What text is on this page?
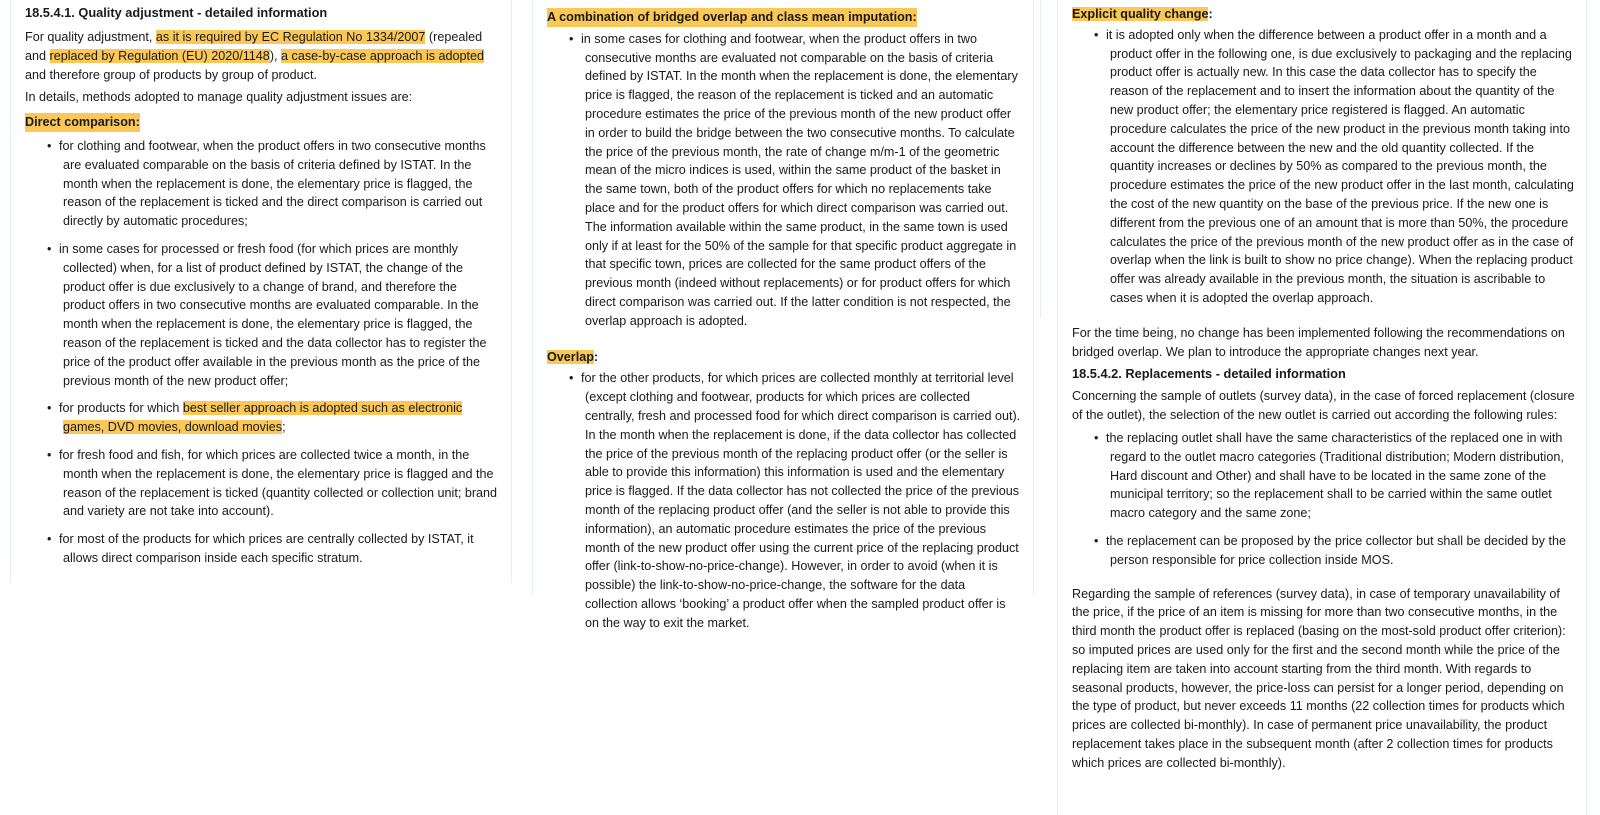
18.5.4.1. Quality adjustment - detailed information

For quality adjustment, as it is required by EC Regulation No 1334/2007 (repealed and replaced by Regulation (EU) 2020/1148), a case-by-case approach is adopted and therefore group of products by group of product.

In details, methods adopted to manage quality adjustment issues are:

Direct comparison:
• for clothing and footwear, when the product offers in two consecutive months are evaluated comparable on the basis of criteria defined by ISTAT. In the month when the replacement is done, the elementary price is flagged, the reason of the replacement is ticked and the direct comparison is carried out directly by automatic procedures;
• in some cases for processed or fresh food (for which prices are monthly collected) when, for a list of product defined by ISTAT, the change of the product offer is due exclusively to a change of brand, and therefore the product offers in two consecutive months are evaluated comparable. In the month when the replacement is done, the elementary price is flagged, the reason of the replacement is ticked and the data collector has to register the price of the product offer available in the previous month as the price of the previous month of the new product offer;
• for products for which best seller approach is adopted such as electronic games, DVD movies, download movies;
• for fresh food and fish, for which prices are collected twice a month, in the month when the replacement is done, the elementary price is flagged and the reason of the replacement is ticked (quantity collected or collection unit; brand and variety are not take into account).
• for most of the products for which prices are centrally collected by ISTAT, it allows direct comparison inside each specific stratum.
A combination of bridged overlap and class mean imputation:
• in some cases for clothing and footwear, when the product offers in two consecutive months are evaluated not comparable on the basis of criteria defined by ISTAT. In the month when the replacement is done, the elementary price is flagged, the reason of the replacement is ticked and an automatic procedure estimates the price of the previous month of the new product offer in order to build the bridge between the two consecutive months. To calculate the price of the previous month, the rate of change m/m-1 of the geometric mean of the micro indices is used, within the same product of the basket in the same town, both of the product offers for which no replacements take place and for the product offers for which direct comparison was carried out. The information available within the same product, in the same town is used only if at least for the 50% of the sample for that specific product aggregate in that specific town, prices are collected for the same product offers of the previous month (indeed without replacements) or for product offers for which direct comparison was carried out. If the latter condition is not respected, the overlap approach is adopted.
Overlap:
• for the other products, for which prices are collected monthly at territorial level (except clothing and footwear, products for which prices are collected centrally, fresh and processed food for which direct comparison is carried out). In the month when the replacement is done, if the data collector has collected the price of the previous month of the replacing product offer (or the seller is able to provide this information) this information is used and the elementary price is flagged. If the data collector has not collected the price of the previous month of the replacing product offer (and the seller is not able to provide this information), an automatic procedure estimates the price of the previous month of the new product offer using the current price of the replacing product offer (link-to-show-no-price-change). However, in order to avoid (when it is possible) the link-to-show-no-price-change, the software for the data collection allows ‘booking’ a product offer when the sampled product offer is on the way to exit the market.
Explicit quality change:
• it is adopted only when the difference between a product offer in a month and a product offer in the following one, is due exclusively to packaging and the replacing product offer is actually new. In this case the data collector has to specify the reason of the replacement and to insert the information about the quantity of the new product offer; the elementary price registered is flagged. An automatic procedure calculates the price of the new product in the previous month taking into account the difference between the new and the old quantity collected. If the quantity increases or declines by 50% as compared to the previous month, the procedure estimates the price of the new product offer in the last month, calculating the cost of the new quantity on the base of the previous price. If the new one is different from the previous one of an amount that is more than 50%, the procedure calculates the price of the previous month of the new product offer as in the case of overlap when the link is built to show no price change). When the replacing product offer was already available in the previous month, the situation is ascribable to cases when it is adopted the overlap approach.

For the time being, no change has been implemented following the recommendations on bridged overlap. We plan to introduce the appropriate changes next year.

18.5.4.2. Replacements - detailed information

Concerning the sample of outlets (survey data), in the case of forced replacement (closure of the outlet), the selection of the new outlet is carried out according the following rules:

• the replacing outlet shall have the same characteristics of the replaced one in with regard to the outlet macro categories (Traditional distribution; Modern distribution, Hard discount and Other) and shall have to be located in the same zone of the municipal territory; so the replacement shall to be carried within the same outlet macro category and the same zone;
• the replacement can be proposed by the price collector but shall be decided by the person responsible for price collection inside MOS.

Regarding the sample of references (survey data), in case of temporary unavailability of the price, if the price of an item is missing for more than two consecutive months, in the third month the product offer is replaced (basing on the most-sold product offer criterion): so imputed prices are used only for the first and the second month while the price of the replacing item are taken into account starting from the third month. With regards to seasonal products, however, the price-loss can persist for a longer period, depending on the type of product, but never exceeds 11 months (22 collection times for products which prices are collected bi-monthly). In case of permanent price unavailability, the product replacement takes place in the subsequent month (after 2 collection times for products which prices are collected bi-monthly).
